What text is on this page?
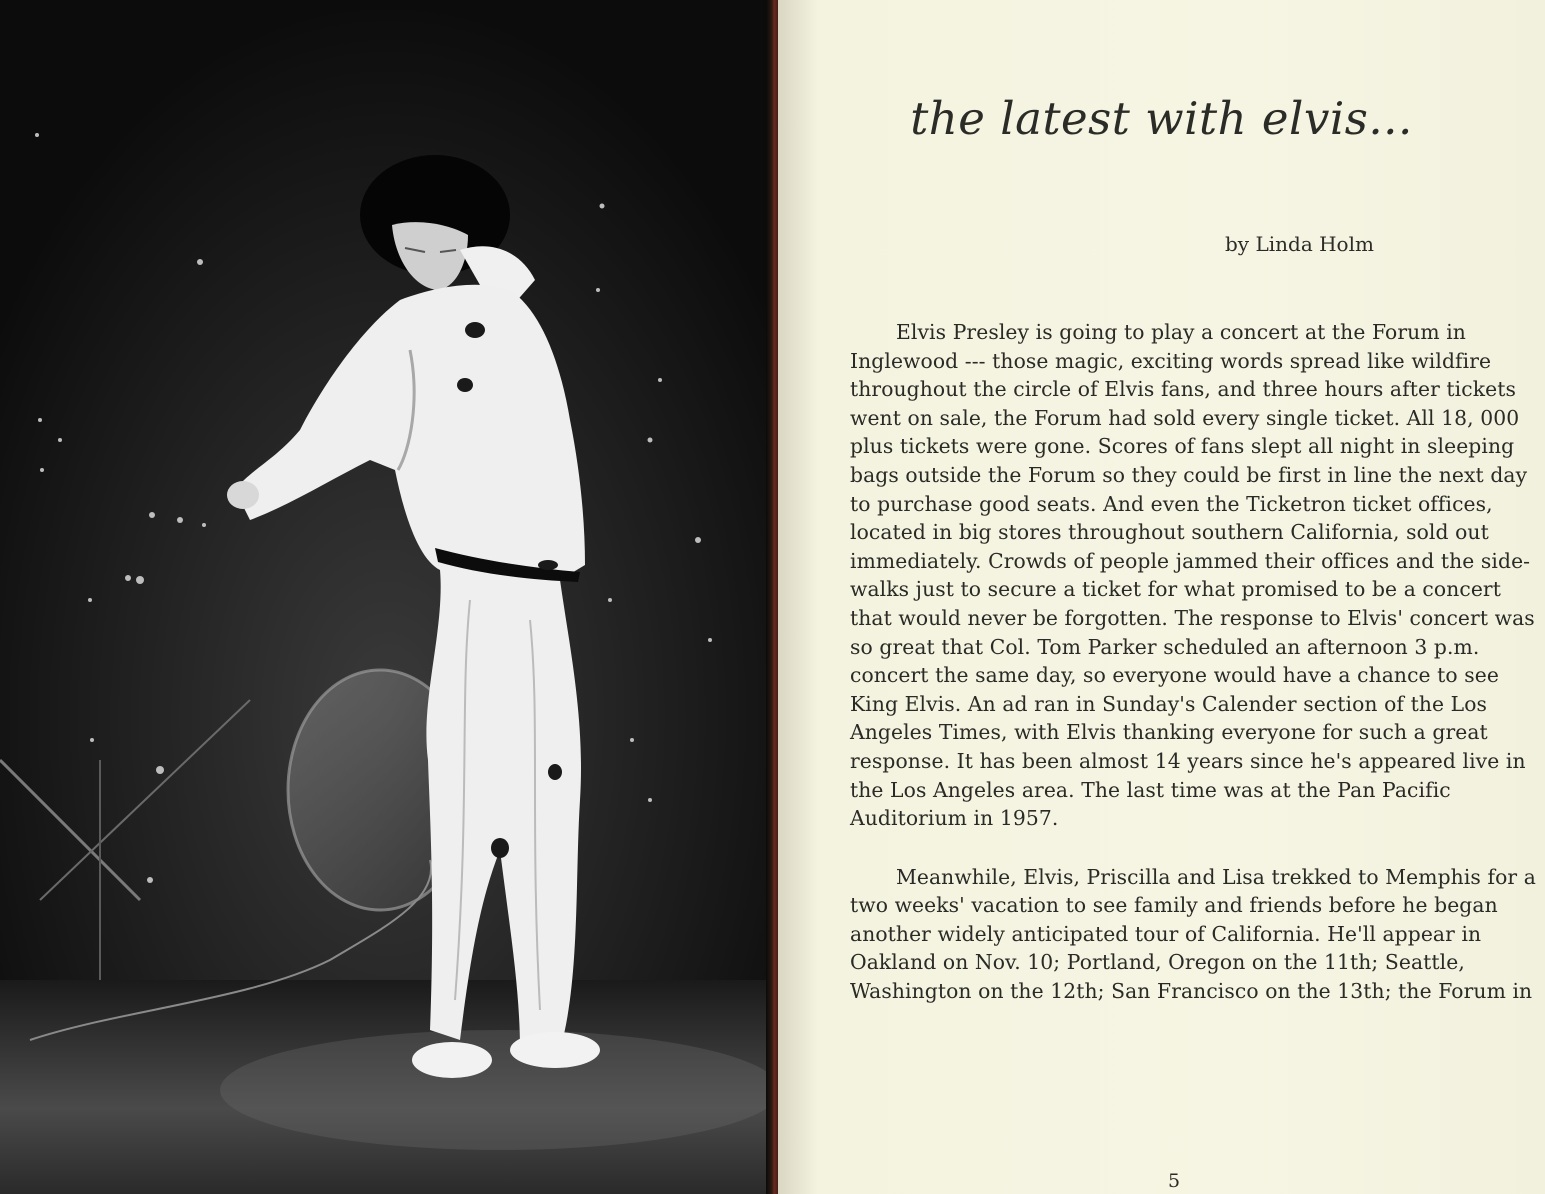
the latest with elvis...
by Linda Holm

Elvis Presley is going to play a concert at the Forum in Inglewood --- those magic, exciting words spread like wildfire throughout the circle of Elvis fans, and three hours after tickets went on sale, the Forum had sold every single ticket. All 18, 000 plus tickets were gone. Scores of fans slept all night in sleeping bags outside the Forum so they could be first in line the next day to purchase good seats. And even the Ticketron ticket offices, located in big stores throughout southern California, sold out immediately. Crowds of people jammed their offices and the side-walks just to secure a ticket for what promised to be a concert that would never be forgotten. The response to Elvis' concert was so great that Col. Tom Parker scheduled an afternoon 3 p.m. concert the same day, so everyone would have a chance to see King Elvis. An ad ran in Sunday's Calender section of the Los Angeles Times, with Elvis thanking everyone for such a great response. It has been almost 14 years since he's appeared live in the Los Angeles area. The last time was at the Pan Pacific Auditorium in 1957.

Meanwhile, Elvis, Priscilla and Lisa trekked to Memphis for a two weeks' vacation to see family and friends before he began another widely anticipated tour of California. He'll appear in Oakland on Nov. 10; Portland, Oregon on the 11th; Seattle, Washington on the 12th; San Francisco on the 13th; the Forum in

5
